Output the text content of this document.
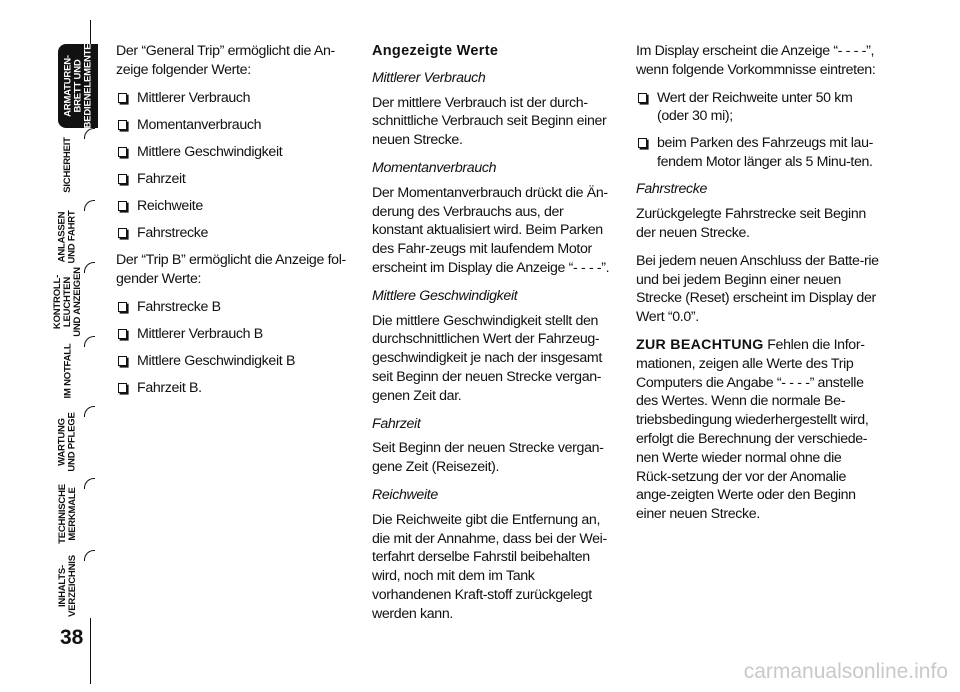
ARMATUREN-
BRETT UND
BEDIENELEMENTE
SICHERHEIT
ANLASSEN
UND FAHRT
KONTROLL-
LEUCHTEN
UND ANZEIGEN
IM NOTFALL
WARTUNG
UND PFLEGE
TECHNISCHE
MERKMALE
INHALTS-
VERZEICHNIS
38

Der “General Trip” ermöglicht die An-zeige folgender Werte:

Mittlerer Verbrauch
Momentanverbrauch
Mittlere Geschwindigkeit
Fahrzeit
Reichweite
Fahrstrecke

Der “Trip B” ermöglicht die Anzeige fol-gender Werte:

Fahrstrecke B
Mittlerer Verbrauch B
Mittlere Geschwindigkeit B
Fahrzeit B.
Angezeigte Werte
Mittlerer Verbrauch

Der mittlere Verbrauch ist der durch-schnittliche Verbrauch seit Beginn einer neuen Strecke.

Momentanverbrauch

Der Momentanverbrauch drückt die Än-derung des Verbrauchs aus, der konstant aktualisiert wird. Beim Parken des Fahr-zeugs mit laufendem Motor erscheint im Display die Anzeige “- - - -”.

Mittlere Geschwindigkeit

Die mittlere Geschwindigkeit stellt den durchschnittlichen Wert der Fahrzeug-geschwindigkeit je nach der insgesamt seit Beginn der neuen Strecke vergan-genen Zeit dar.

Fahrzeit

Seit Beginn der neuen Strecke vergan-gene Zeit (Reisezeit).

Reichweite

Die Reichweite gibt die Entfernung an, die mit der Annahme, dass bei der Wei-terfahrt derselbe Fahrstil beibehalten wird, noch mit dem im Tank vorhandenen Kraft-stoff zurückgelegt werden kann.

Im Display erscheint die Anzeige “- - - -”, wenn folgende Vorkommnisse eintreten:

Wert der Reichweite unter 50 km (oder 30 mi);
beim Parken des Fahrzeugs mit lau-fendem Motor länger als 5 Minu-ten.
Fahrstrecke

Zurückgelegte Fahrstrecke seit Beginn der neuen Strecke.

Bei jedem neuen Anschluss der Batte-rie und bei jedem Beginn einer neuen Strecke (Reset) erscheint im Display der Wert “0.0”.

ZUR BEACHTUNG Fehlen die Infor-mationen, zeigen alle Werte des Trip Computers die Angabe “- - - -” anstelle des Wertes. Wenn die normale Be-triebsbedingung wiederhergestellt wird, erfolgt die Berechnung der verschiede-nen Werte wieder normal ohne die Rück-setzung der vor der Anomalie ange-zeigten Werte oder den Beginn einer neuen Strecke.

carmanualsonline.info
